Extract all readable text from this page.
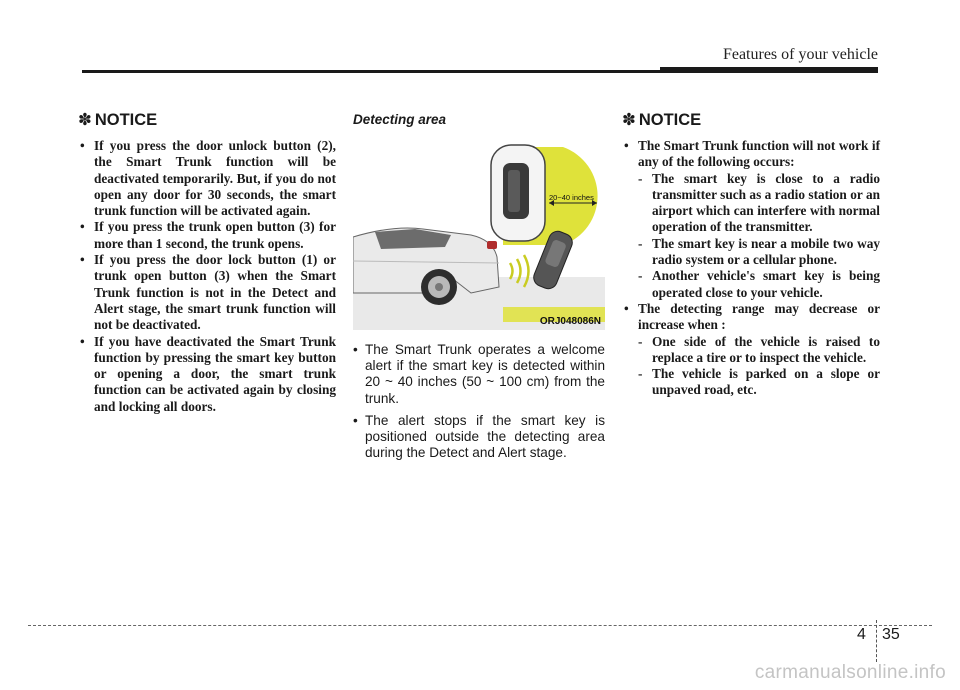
Features of your vehicle
✽ NOTICE
• If you press the door unlock button (2), the Smart Trunk function will be deactivated temporarily. But, if you do not open any door for 30 seconds, the smart trunk function will be activated again.
• If you press the trunk open button (3) for more than 1 second, the trunk opens.
• If you press the door lock button (1) or trunk open button (3) when the Smart Trunk function is not in the Detect and Alert stage, the smart trunk function will not be deactivated.
• If you have deactivated the Smart Trunk function by pressing the smart key button or opening a door, the smart trunk function can be activated again by closing and locking all doors.
Detecting area
20~40 inches
ORJ048086N
• The Smart Trunk operates a welcome alert if the smart key is detected within 20 ~ 40 inches (50 ~ 100 cm) from the trunk.
• The alert stops if the smart key is positioned outside the detecting area during the Detect and Alert stage.
✽ NOTICE
• The Smart Trunk function will not work if any of the following occurs:
- The smart key is close to a radio transmitter such as a radio station or an airport which can interfere with normal operation of the transmitter.
- The smart key is near a mobile two way radio system or a cellular phone.
- Another vehicle's smart key is being operated close to your vehicle.
• The detecting range may decrease or increase when :
- One side of the vehicle is raised to replace a tire or to inspect the vehicle.
- The vehicle is parked on a slope or unpaved road, etc.
4 35
carmanualsonline.info
